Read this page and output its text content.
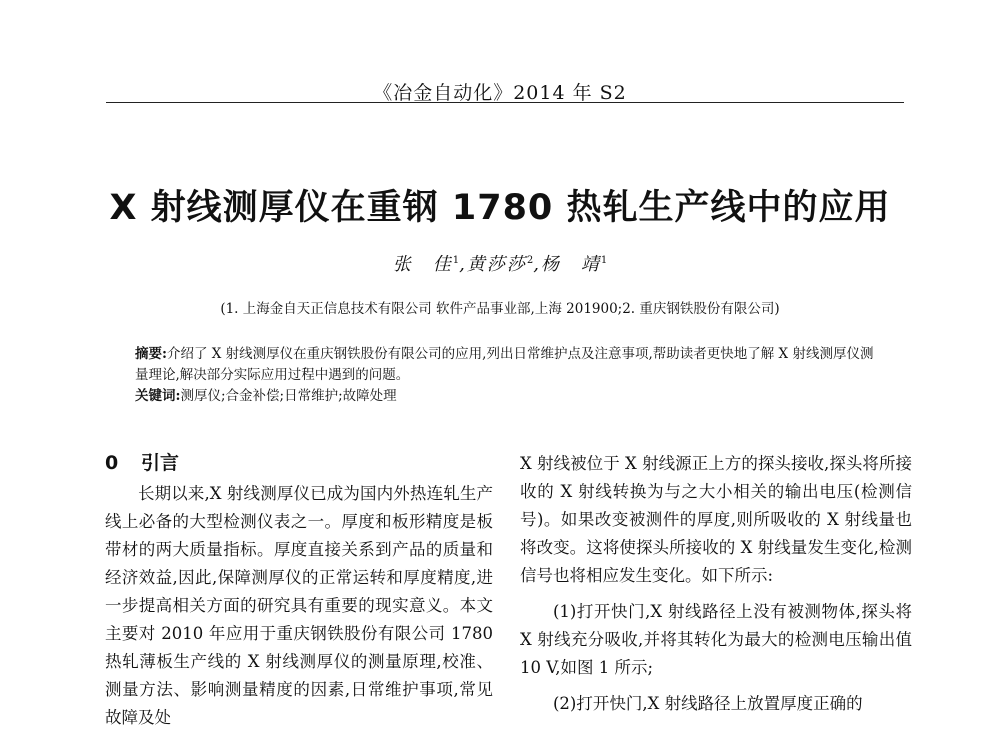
《冶金自动化》2014 年 S2
X 射线测厚仪在重钢 1780 热轧生产线中的应用
张　佳$^1$,黄莎莎$^2$,杨　靖$^1$
(1. 上海金自天正信息技术有限公司 软件产品事业部,上海 201900;2. 重庆钢铁股份有限公司)

摘要:介绍了 X 射线测厚仪在重庆钢铁股份有限公司的应用,列出日常维护点及注意事项,帮助读者更快地了解 X 射线测厚仪测量理论,解决部分实际应用过程中遇到的问题。

关键词:测厚仪;合金补偿;日常维护;故障处理

0 引言

长期以来,X 射线测厚仪已成为国内外热连轧生产线上必备的大型检测仪表之一。厚度和板形精度是板带材的两大质量指标。厚度直接关系到产品的质量和经济效益,因此,保障测厚仪的正常运转和厚度精度,进一步提高相关方面的研究具有重要的现实意义。本文主要对 2010 年应用于重庆钢铁股份有限公司 1780 热轧薄板生产线的 X 射线测厚仪的测量原理,校准、测量方法、影响测量精度的因素,日常维护事项,常见故障及处

X 射线被位于 X 射线源正上方的探头接收,探头将所接收的 X 射线转换为与之大小相关的输出电压(检测信号)。如果改变被测件的厚度,则所吸收的 X 射线量也将改变。这将使探头所接收的 X 射线量发生变化,检测信号也将相应发生变化。如下所示:

(1)打开快门,X 射线路径上没有被测物体,探头将 X 射线充分吸收,并将其转化为最大的检测电压输出值 10 V,如图 1 所示;

(2)打开快门,X 射线路径上放置厚度正确的
